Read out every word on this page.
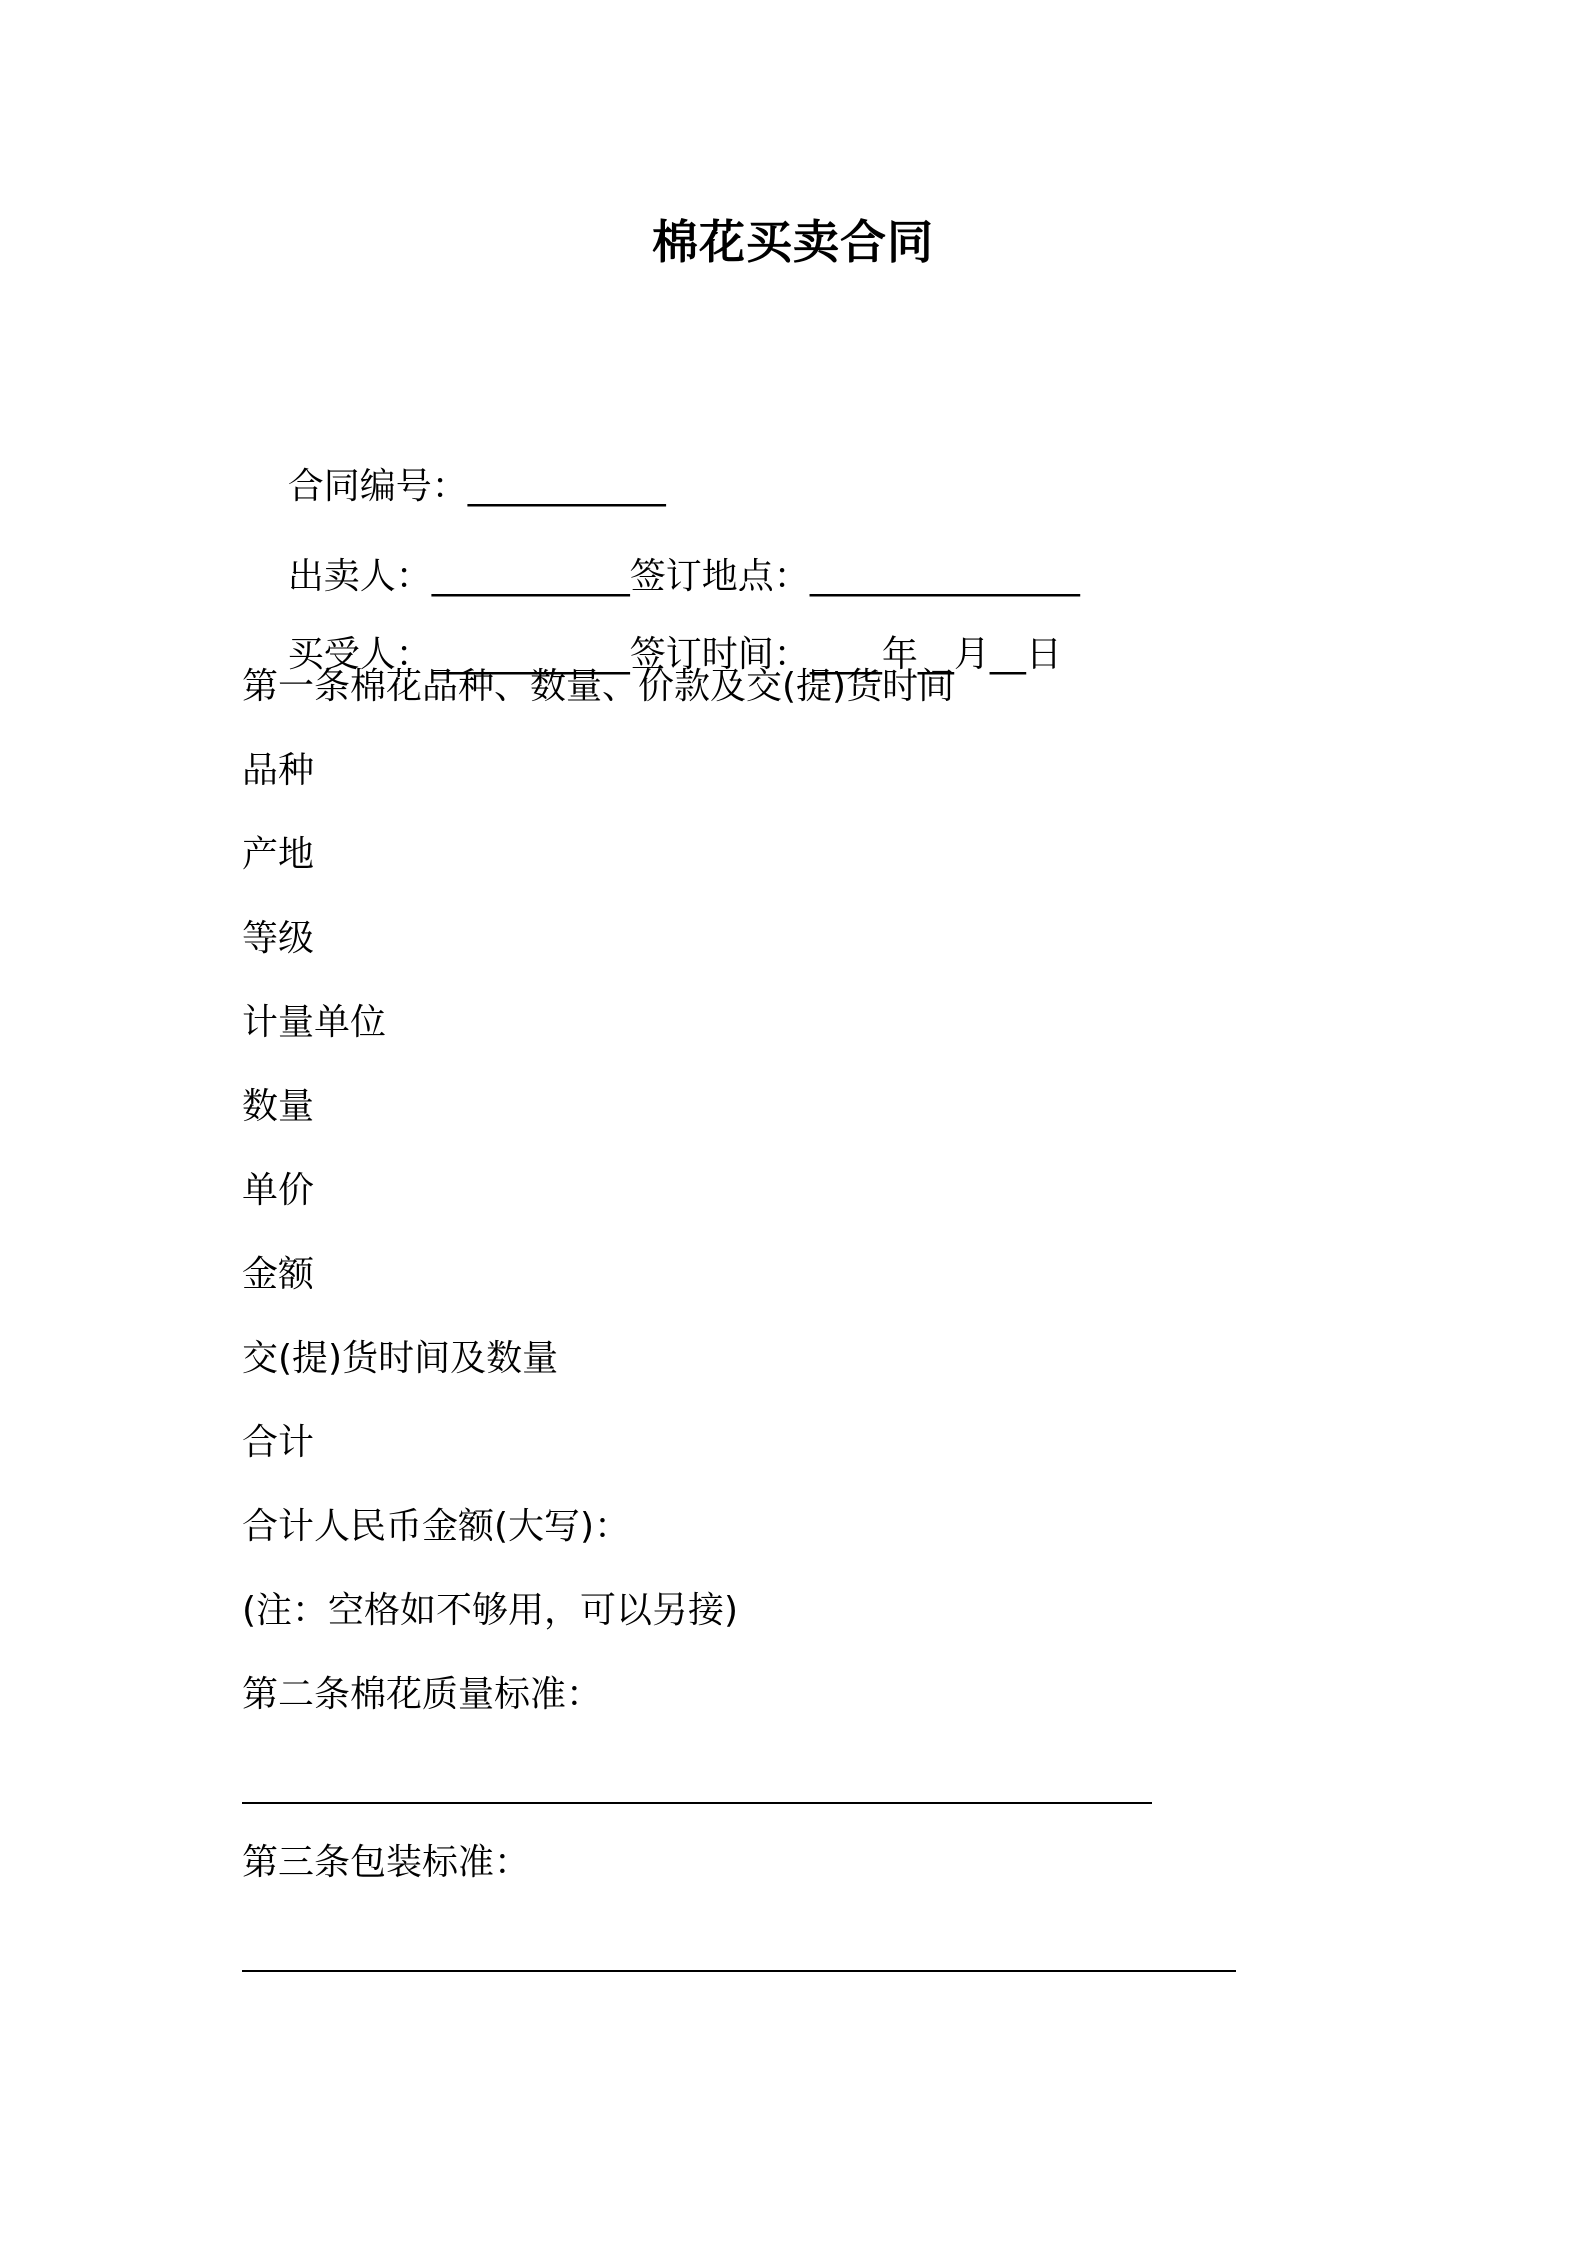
棉花买卖合同

合同编号：___________

出卖人：___________签订地点：_______________

买受人：___________签订时间：____年__月__日

第一条棉花品种、数量、价款及交(提)货时间
品种
产地
等级
计量单位
数量
单价
金额
交(提)货时间及数量
合计
合计人民币金额(大写)：
(注：空格如不够用，可以另接)
第二条棉花质量标准：
第三条包装标准：
